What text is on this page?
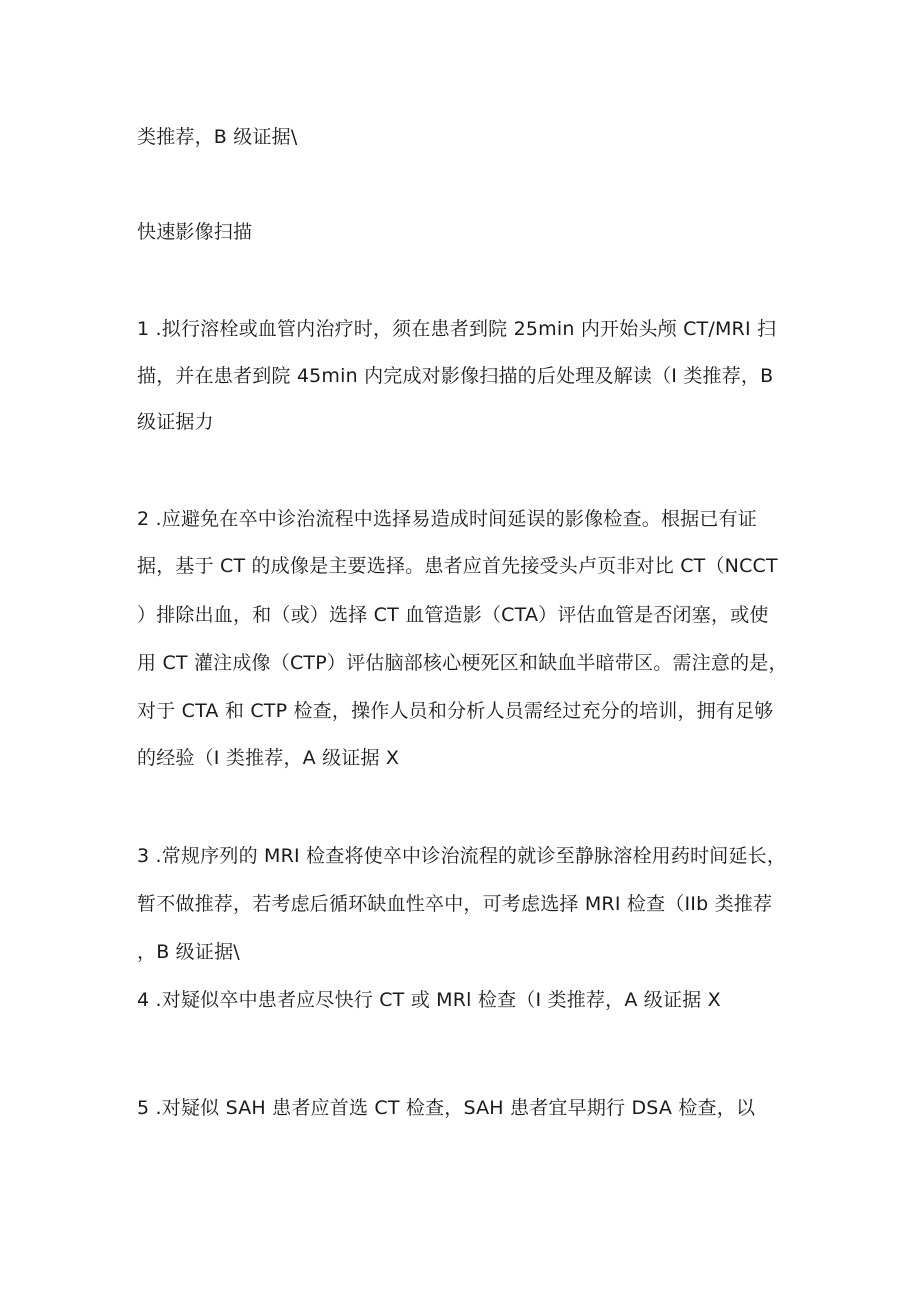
类推荐，B 级证据\
快速影像扫描
1 .拟行溶栓或血管内治疗时，须在患者到院 25min 内开始头颅 CT/MRI 扫
描，并在患者到院 45min 内完成对影像扫描的后处理及解读（I 类推荐，B
级证据力
2 .应避免在卒中诊治流程中选择易造成时间延误的影像检查。根据已有证
据，基于 CT 的成像是主要选择。患者应首先接受头卢页非对比 CT（NCCT
）排除出血，和（或）选择 CT 血管造影（CTA）评估血管是否闭塞，或使
用 CT 灌注成像（CTP）评估脑部核心梗死区和缺血半暗带区。需注意的是，
对于 CTA 和 CTP 检查，操作人员和分析人员需经过充分的培训，拥有足够
的经验（I 类推荐，A 级证据 X
3 .常规序列的 MRI 检查将使卒中诊治流程的就诊至静脉溶栓用药时间延长，
暂不做推荐，若考虑后循环缺血性卒中，可考虑选择 MRI 检查（IIb 类推荐
，B 级证据\
4 .对疑似卒中患者应尽快行 CT 或 MRl 检查（I 类推荐，A 级证据 X
5 .对疑似 SAH 患者应首选 CT 检查，SAH 患者宜早期行 DSA 检查，以
